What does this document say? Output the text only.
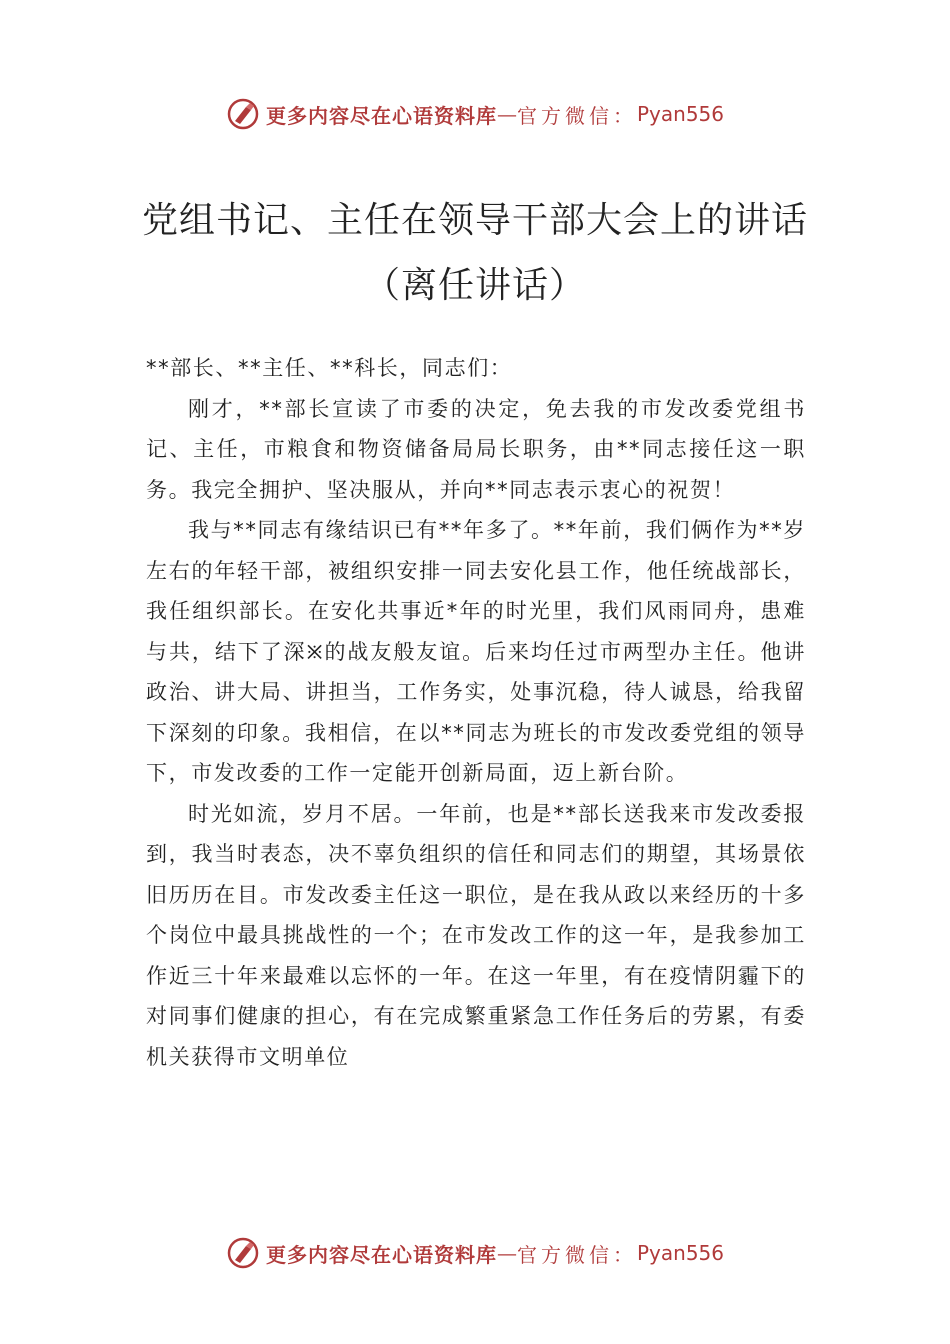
更多内容尽在心语资料库 — 官方微信： Pyan556
党组书记、主任在领导干部大会上的讲话
（离任讲话）

**部长、**主任、**科长，同志们：

刚才，**部长宣读了市委的决定，免去我的市发改委党组书记、主任，市粮食和物资储备局局长职务，由**同志接任这一职务。我完全拥护、坚决服从，并向**同志表示衷心的祝贺！

我与**同志有缘结识已有**年多了。**年前，我们俩作为**岁左右的年轻干部，被组织安排一同去安化县工作，他任统战部长，我任组织部长。在安化共事近*年的时光里，我们风雨同舟，患难与共，结下了深྿的战友般友谊。后来均任过市两型办主任。他讲政治、讲大局、讲担当，工作务实，处事沉稳，待人诚恳，给我留下深刻的印象。我相信，在以**同志为班长的市发改委党组的领导下，市发改委的工作一定能开创新局面，迈上新台阶。

时光如流，岁月不居。一年前，也是**部长送我来市发改委报到，我当时表态，决不辜负组织的信任和同志们的期望，其场景依旧历历在目。市发改委主任这一职位，是在我从政以来经历的十多个岗位中最具挑战性的一个；在市发改工作的这一年，是我参加工作近三十年来最难以忘怀的一年。在这一年里，有在疫情阴霾下的对同事们健康的担心，有在完成繁重紧急工作任务后的劳累，有委机关获得市文明单位

更多内容尽在心语资料库 — 官方微信： Pyan556
